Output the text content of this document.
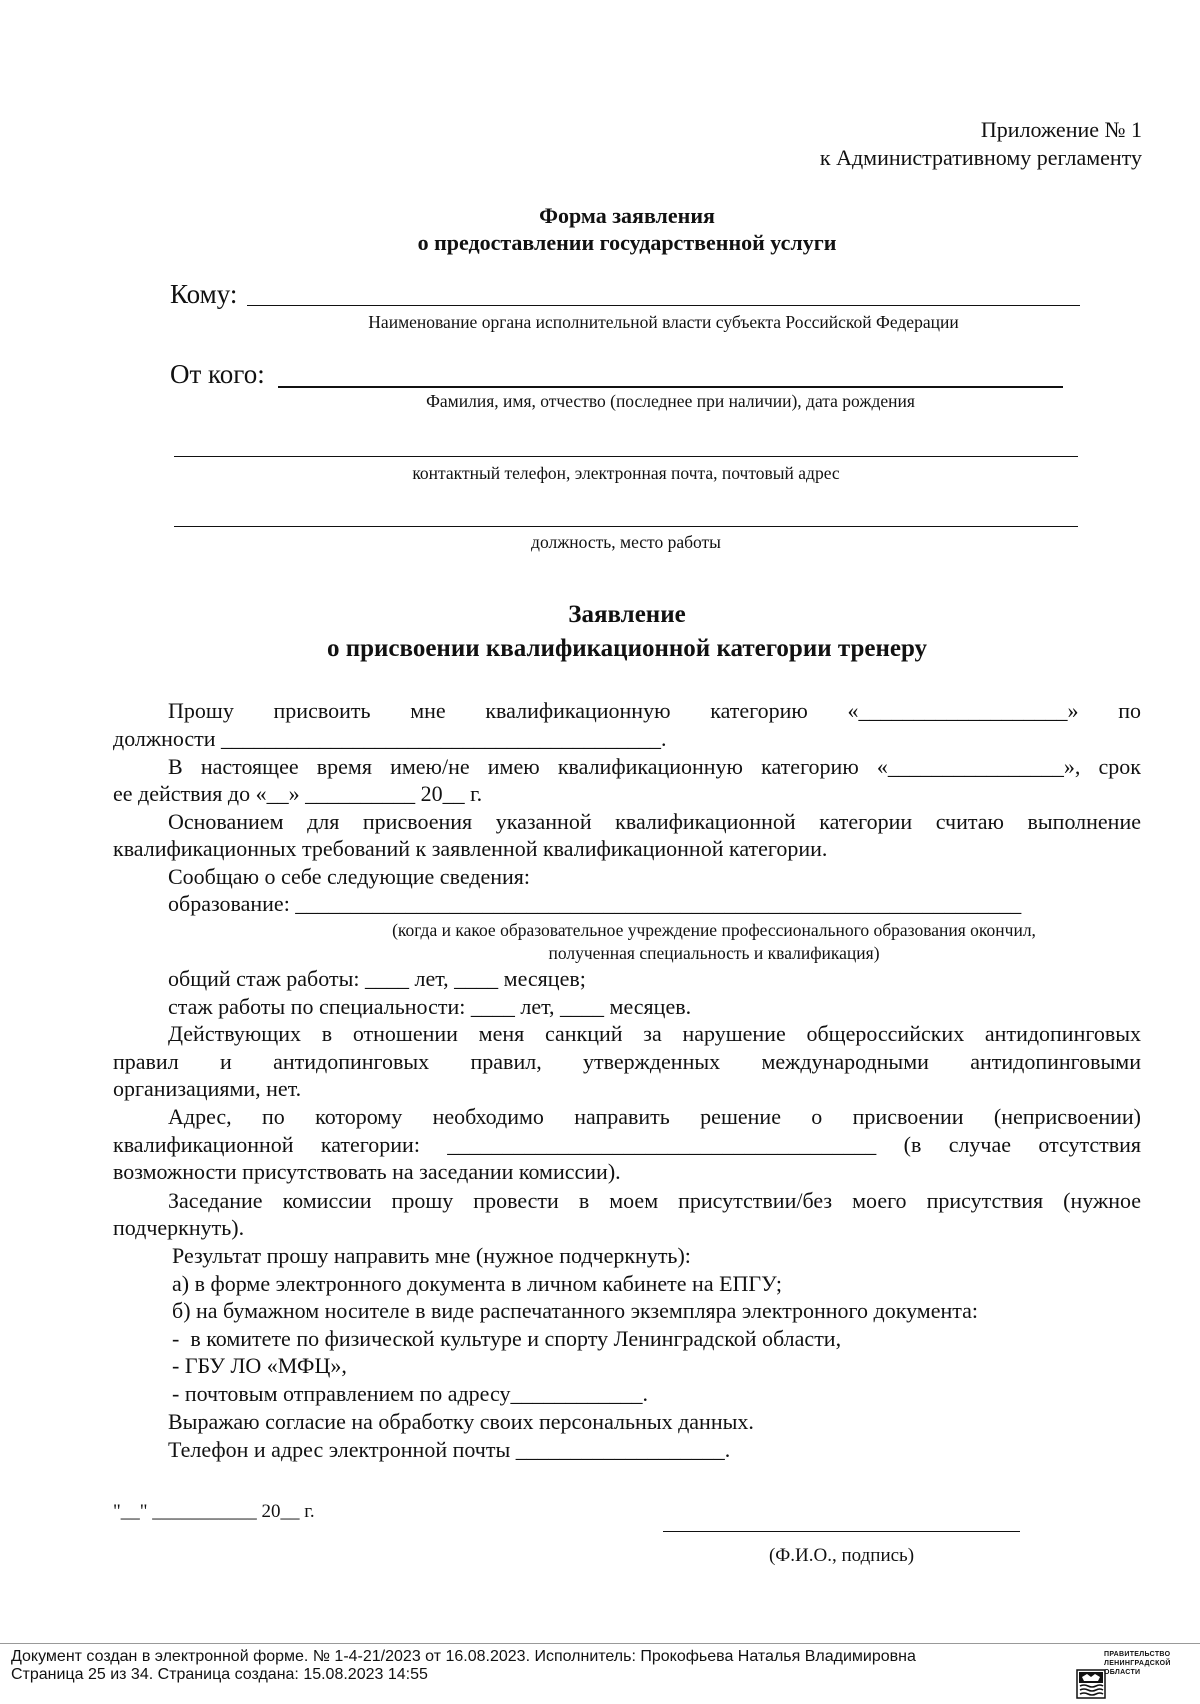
Приложение № 1
к Административному регламенту
Форма заявления
о предоставлении государственной услуги
Кому:
Наименование органа исполнительной власти субъекта Российской Федерации
От кого:
Фамилия, имя, отчество (последнее при наличии), дата рождения
контактный телефон, электронная почта, почтовый адрес
должность, место работы
Заявление
о присвоении квалификационной категории тренеру
Прошу присвоить мне квалификационную категорию «___________________» по
должности ________________________________________.
В настоящее время имею/не имею квалификационную категорию «________________», срок
ее действия до «__» __________ 20__ г.
Основанием для присвоения указанной квалификационной категории считаю выполнение
квалификационных требований к заявленной квалификационной категории.
Сообщаю о себе следующие сведения:
образование: __________________________________________________________________
(когда и какое образовательное учреждение профессионального образования окончил,
полученная специальность и квалификация)
общий стаж работы: ____ лет, ____ месяцев;
стаж работы по специальности: ____ лет, ____ месяцев.
Действующих в отношении меня санкций за нарушение общероссийских антидопинговых
правил и антидопинговых правил, утвержденных международными антидопинговыми
организациями, нет.
Адрес, по которому необходимо направить решение о присвоении (неприсвоении)
квалификационной категории: _______________________________________ (в случае отсутствия
возможности присутствовать на заседании комиссии).
Заседание комиссии прошу провести в моем присутствии/без моего присутствия (нужное
подчеркнуть).
Результат прошу направить мне (нужное подчеркнуть):
а) в форме электронного документа в личном кабинете на ЕПГУ;
б) на бумажном носителе в виде распечатанного экземпляра электронного документа:
-  в комитете по физической культуре и спорту Ленинградской области,
- ГБУ ЛО «МФЦ»,
- почтовым отправлением по адресу____________.
Выражаю согласие на обработку своих персональных данных.
Телефон и адрес электронной почты ___________________.
"__" ___________ 20__ г.
(Ф.И.О., подпись)
Документ создан в электронной форме. № 1-4-21/2023 от 16.08.2023. Исполнитель: Прокофьева Наталья Владимировна
Страница 25 из 34. Страница создана: 15.08.2023 14:55

ПРАВИТЕЛЬСТВО
ЛЕНИНГРАДСКОЙ
ОБЛАСТИ
